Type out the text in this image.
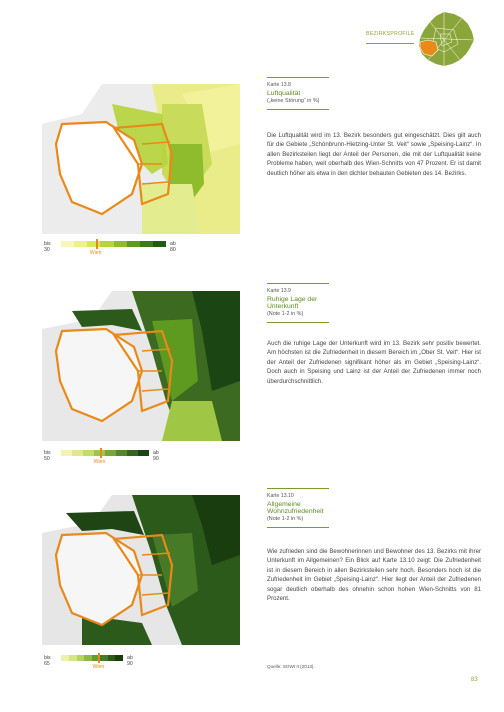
BEZIRKSPROFILE
Karte 13.8
Luftqualität
(„keine Störung“ in %)
Die Luftqualität wird im 13. Bezirk besonders gut eingeschätzt. Dies gilt auch für die Gebiete „Schönbrunn-Hietzing-Unter St. Veit“ sowie „Speising-Lainz“. In allen Bezirksteilen liegt der Anteil der Personen, die mit der Luftqualität keine Probleme haben, weit oberhalb des Wien-Schnitts von 47 Prozent. Er ist damit deutlich höher als etwa in den dichter bebauten Gebieten des 14. Bezirks.
bis 30
ab 80
Wien
Karte 13.9
Ruhige Lage der Unterkunft
(Note 1-2 in %)
Auch die ruhige Lage der Unterkunft wird im 13. Bezirk sehr positiv bewertet. Am höchsten ist die Zufriedenheit in diesem Bereich im „Ober St. Veit“. Hier ist der Anteil der Zufriedenen signifikant höher als im Gebiet „Speising-Lainz“. Doch auch in Speising und Lainz ist der Anteil der Zufriedenen immer noch überdurchschnittlich.
bis 50
ab 90
Wien
Karte 13.10
Allgemeine Wohnzufriedenheit
(Note 1-2 in %)
Wie zufrieden sind die Bewohnerinnen und Bewohner des 13. Bezirks mit ihrer Unterkunft im Allgemeinen? Ein Blick auf Karte 13.10 zeigt: Die Zufriedenheit ist in diesem Bereich in allen Bezirksteilen sehr hoch. Besonders hoch ist die Zufriedenheit im Gebiet „Speising-Lainz“. Hier liegt der Anteil der Zufriedenen sogar deutlich oberhalb des ohnehin schon hohen Wien-Schnitts von 81 Prozent.
bis 65
ab 90
Wien	Quelle: SOWI II (2013).
83
